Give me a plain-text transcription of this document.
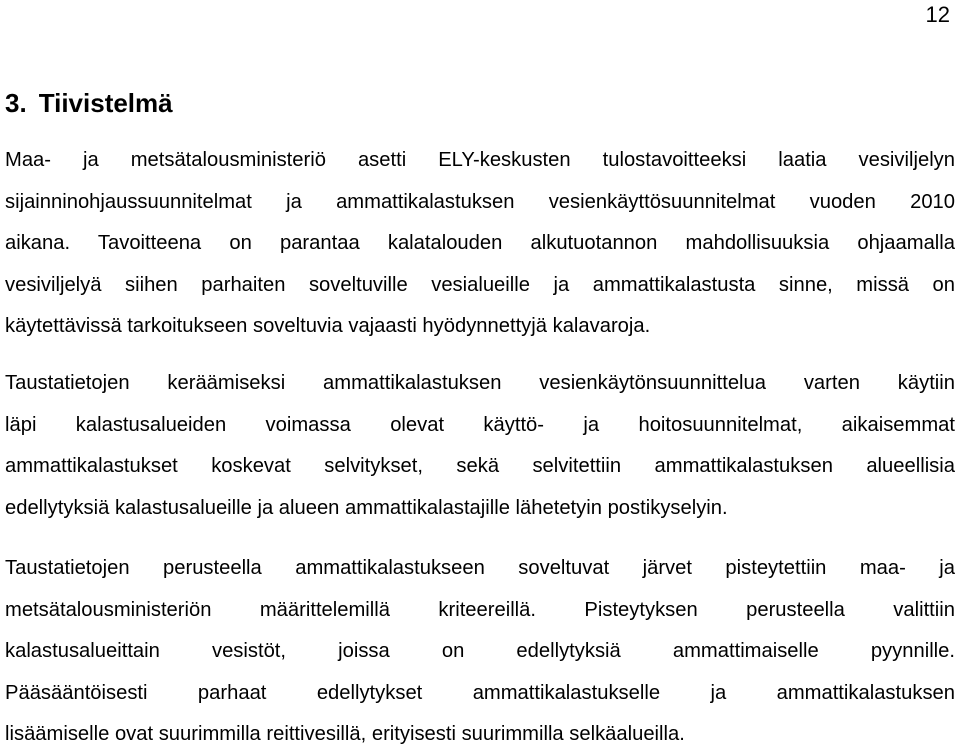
12
3. Tiivistelmä

Maa- ja metsätalousministeriö asetti ELY-keskusten tulostavoitteeksi laatia vesiviljelyn
sijainninohjaussuunnitelmat ja ammattikalastuksen vesienkäyttösuunnitelmat vuoden 2010
aikana. Tavoitteena on parantaa kalatalouden alkutuotannon mahdollisuuksia ohjaamalla
vesiviljelyä siihen parhaiten soveltuville vesialueille ja ammattikalastusta sinne, missä on
käytettävissä tarkoitukseen soveltuvia vajaasti hyödynnettyjä kalavaroja.

Taustatietojen keräämiseksi ammattikalastuksen vesienkäytönsuunnittelua varten käytiin
läpi kalastusalueiden voimassa olevat käyttö- ja hoitosuunnitelmat, aikaisemmat
ammattikalastukset koskevat selvitykset, sekä selvitettiin ammattikalastuksen alueellisia
edellytyksiä kalastusalueille ja alueen ammattikalastajille lähetetyin postikyselyin.

Taustatietojen perusteella ammattikalastukseen soveltuvat järvet pisteytettiin maa- ja
metsätalousministeriön määrittelemillä kriteereillä. Pisteytyksen perusteella valittiin
kalastusalueittain vesistöt, joissa on edellytyksiä ammattimaiselle pyynnille.
Pääsääntöisesti parhaat edellytykset ammattikalastukselle ja ammattikalastuksen
lisäämiselle ovat suurimmilla reittivesillä, erityisesti suurimmilla selkäalueilla.
